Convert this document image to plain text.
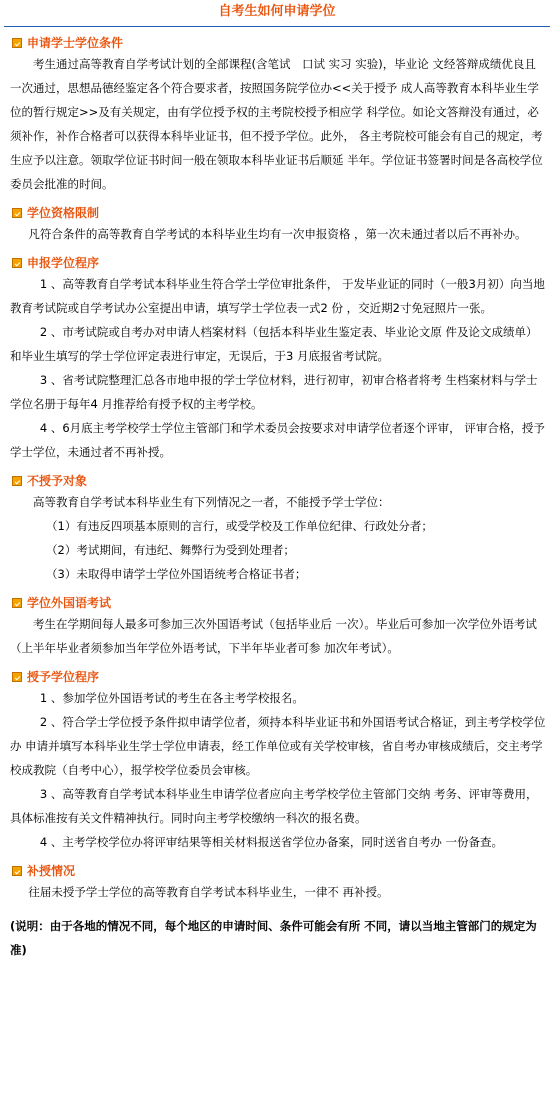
自考生如何申请学位
申请学士学位条件
考生通过高等教育自学考试计划的全部课程(含笔试　口试 实习 实验)，毕业论 文经答辩成绩优良且一次通过，思想品德经鉴定各个符合要求者，按照国务院学位办<<关于授予 成人高等教育本科毕业生学位的暂行规定>>及有关规定，由有学位授予权的主考院校授予相应学 科学位。如论文答辩没有通过，必须补作，补作合格者可以获得本科毕业证书，但不授予学位。此外， 各主考院校可能会有自己的规定，考生应予以注意。领取学位证书时间一般在领取本科毕业证书后顺延 半年。学位证书签署时间是各高校学位委员会批准的时间。
学位资格限制
凡符合条件的高等教育自学考试的本科毕业生均有一次申报资格 ，第一次未通过者以后不再补办。
申报学位程序
1 、高等教育自学考试本科毕业生符合学士学位审批条件， 于发毕业证的同时（一般3月初）向当地教育考试院或自学考试办公室提出申请，填写学士学位表一式2 份 ，交近期2寸免冠照片一张。
2 、市考试院或自考办对申请人档案材料（包括本科毕业生鉴定表、毕业论文原 件及论文成绩单）和毕业生填写的学士学位评定表进行审定，无误后，于3 月底报省考试院。
3 、省考试院整理汇总各市地申报的学士学位材料，进行初审，初审合格者将考 生档案材料与学士学位名册于每年4 月推荐给有授予权的主考学校。
4 、6月底主考学校学士学位主管部门和学术委员会按要求对申请学位者逐个评审， 评审合格，授予学士学位，未通过者不再补授。
不授予对象
高等教育自学考试本科毕业生有下列情况之一者，不能授予学士学位：
（1）有违反四项基本原则的言行，或受学校及工作单位纪律、行政处分者；
（2）考试期间，有违纪、舞弊行为受到处理者；
（3）未取得申请学士学位外国语统考合格证书者；
学位外国语考试
考生在学期间每人最多可参加三次外国语考试（包括毕业后 一次）。毕业后可参加一次学位外语考试（上半年毕业者须参加当年学位外语考试，下半年毕业者可参 加次年考试）。
授予学位程序
1 、参加学位外国语考试的考生在各主考学校报名。
2 、符合学士学位授予条件拟申请学位者，须持本科毕业证书和外国语考试合格证，到主考学校学位办 申请并填写本科毕业生学士学位申请表，经工作单位或有关学校审核，省自考办审核成绩后，交主考学 校成教院（自考中心），报学校学位委员会审核。
3 、高等教育自学考试本科毕业生申请学位者应向主考学校学位主管部门交纳 考务、评审等费用，具体标准按有关文件精神执行。同时向主考学校缴纳一科次的报名费。
4 、主考学校学位办将评审结果等相关材料报送省学位办备案，同时送省自考办 一份备查。
补授情况
往届未授予学士学位的高等教育自学考试本科毕业生，一律不 再补授。
(说明：由于各地的情况不同，每个地区的申请时间、条件可能会有所 不同，请以当地主管部门的规定为准)
